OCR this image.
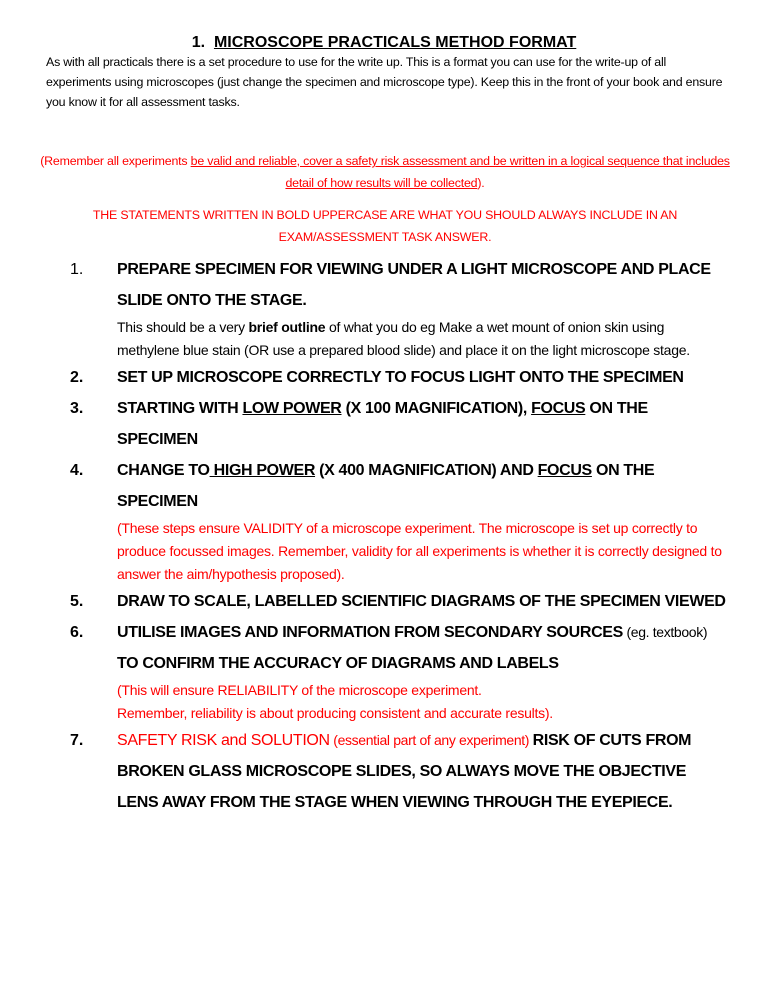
1. MICROSCOPE PRACTICALS METHOD FORMAT
As with all practicals there is a set procedure to use for the write up. This is a format you can use for the write-up of all experiments using microscopes (just change the specimen and microscope type). Keep this in the front of your book and ensure you know it for all assessment tasks.
(Remember all experiments be valid and reliable, cover a safety risk assessment and be written in a logical sequence that includes detail of how results will be collected).
THE STATEMENTS WRITTEN IN BOLD UPPERCASE ARE WHAT YOU SHOULD ALWAYS INCLUDE IN AN EXAM/ASSESSMENT TASK ANSWER.
1. PREPARE SPECIMEN FOR VIEWING UNDER A LIGHT MICROSCOPE AND PLACE SLIDE ONTO THE STAGE.
This should be a very brief outline of what you do eg Make a wet mount of onion skin using methylene blue stain (OR use a prepared blood slide) and place it on the light microscope stage.
2. SET UP MICROSCOPE CORRECTLY TO FOCUS LIGHT ONTO THE SPECIMEN
3. STARTING WITH LOW POWER (X 100 MAGNIFICATION), FOCUS ON THE SPECIMEN
4. CHANGE TO HIGH POWER (X 400 MAGNIFICATION) AND FOCUS ON THE SPECIMEN
(These steps ensure VALIDITY of a microscope experiment. The microscope is set up correctly to produce focussed images. Remember, validity for all experiments is whether it is correctly designed to answer the aim/hypothesis proposed).
5. DRAW TO SCALE, LABELLED SCIENTIFIC DIAGRAMS OF THE SPECIMEN VIEWED
6. UTILISE IMAGES AND INFORMATION FROM SECONDARY SOURCES (eg. textbook) TO CONFIRM THE ACCURACY OF DIAGRAMS AND LABELS
(This will ensure RELIABILITY of the microscope experiment.
Remember, reliability is about producing consistent and accurate results).
7. SAFETY RISK and SOLUTION (essential part of any experiment) RISK OF CUTS FROM BROKEN GLASS MICROSCOPE SLIDES, SO ALWAYS MOVE THE OBJECTIVE LENS AWAY FROM THE STAGE WHEN VIEWING THROUGH THE EYEPIECE.
